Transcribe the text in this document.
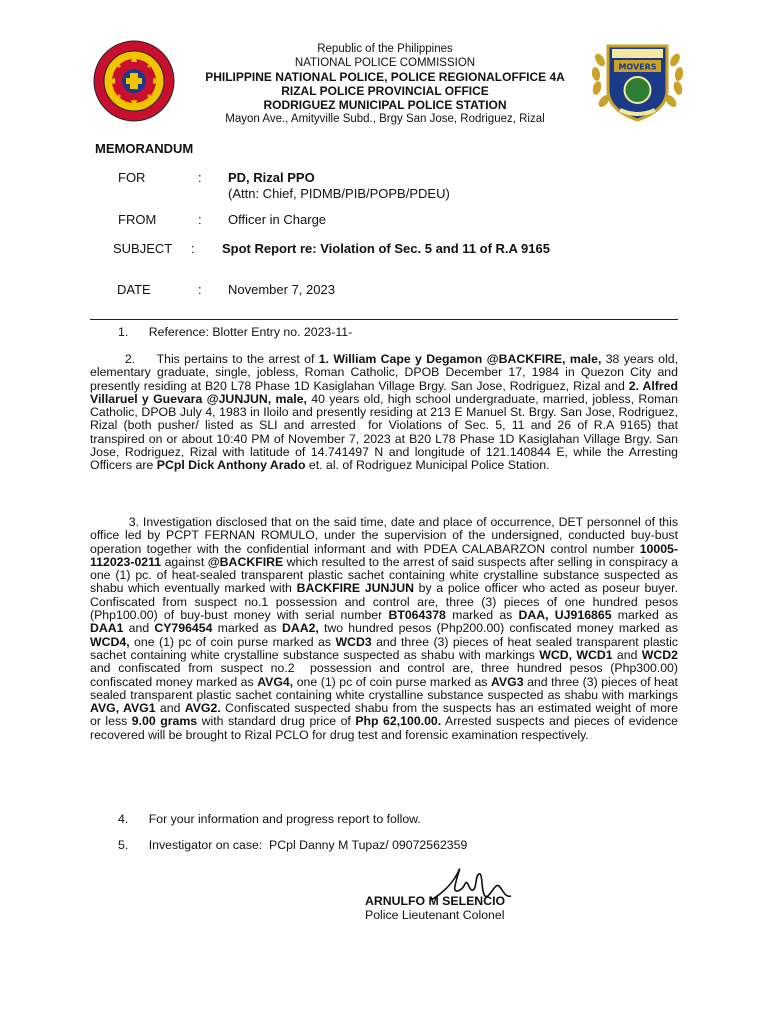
MOVERS
Republic of the Philippines
NATIONAL POLICE COMMISSION
PHILIPPINE NATIONAL POLICE, POLICE REGIONALOFFICE 4A
RIZAL POLICE PROVINCIAL OFFICE
RODRIGUEZ MUNICIPAL POLICE STATION
Mayon Ave., Amityville Subd., Brgy San Jose, Rodriguez, Rizal
MEMORANDUM
FOR	: PD, Rizal PPO
(Attn: Chief, PIDMB/PIB/POPB/PDEU)
FROM	: Officer in Charge
SUBJECT : Spot Report re: Violation of Sec. 5 and 11 of R.A 9165
DATE	: November 7, 2023
1.      Reference: Blotter Entry no. 2023-11-
2.     This pertains to the arrest of 1. William Cape y Degamon @BACKFIRE, male, 38 years old, elementary graduate, single, jobless, Roman Catholic, DPOB December 17, 1984 in Quezon City and presently residing at B20 L78 Phase 1D Kasiglahan Village Brgy. San Jose, Rodriguez, Rizal and 2. Alfred Villaruel y Guevara @JUNJUN, male, 40 years old, high school undergraduate, married, jobless, Roman Catholic, DPOB July 4, 1983 in Iloilo and presently residing at 213 E Manuel St. Brgy. San Jose, Rodriguez, Rizal (both pusher/ listed as SLI and arrested  for Violations of Sec. 5, 11 and 26 of R.A 9165) that transpired on or about 10:40 PM of November 7, 2023 at B20 L78 Phase 1D Kasiglahan Village Brgy. San Jose, Rodriguez, Rizal with latitude of 14.741497 N and longitude of 121.140844 E, while the Arresting Officers are PCpl Dick Anthony Arado et. al. of Rodriguez Municipal Police Station.
3. Investigation disclosed that on the said time, date and place of occurrence, DET personnel of this office led by PCPT FERNAN ROMULO, under the supervision of the undersigned, conducted buy-bust operation together with the confidential informant and with PDEA CALABARZON control number 10005-112023-0211 against @BACKFIRE which resulted to the arrest of said suspects after selling in conspiracy a one (1) pc. of heat-sealed transparent plastic sachet containing white crystalline substance suspected as shabu which eventually marked with BACKFIRE JUNJUN by a police officer who acted as poseur buyer. Confiscated from suspect no.1 possession and control are, three (3) pieces of one hundred pesos (Php100.00) of buy-bust money with serial number BT064378 marked as DAA, UJ916865 marked as DAA1 and CY796454 marked as DAA2, two hundred pesos (Php200.00) confiscated money marked as WCD4, one (1) pc of coin purse marked as WCD3 and three (3) pieces of heat sealed transparent plastic sachet containing white crystalline substance suspected as shabu with markings WCD, WCD1 and WCD2 and confiscated from suspect no.2  possession and control are, three hundred pesos (Php300.00) confiscated money marked as AVG4, one (1) pc of coin purse marked as AVG3 and three (3) pieces of heat sealed transparent plastic sachet containing white crystalline substance suspected as shabu with markings AVG, AVG1 and AVG2. Confiscated suspected shabu from the suspects has an estimated weight of more or less 9.00 grams with standard drug price of Php 62,100.00. Arrested suspects and pieces of evidence recovered will be brought to Rizal PCLO for drug test and forensic examination respectively.
4.      For your information and progress report to follow.
5.      Investigator on case:  PCpl Danny M Tupaz/ 09072562359
ARNULFO M SELENCIO
Police Lieutenant Colonel
